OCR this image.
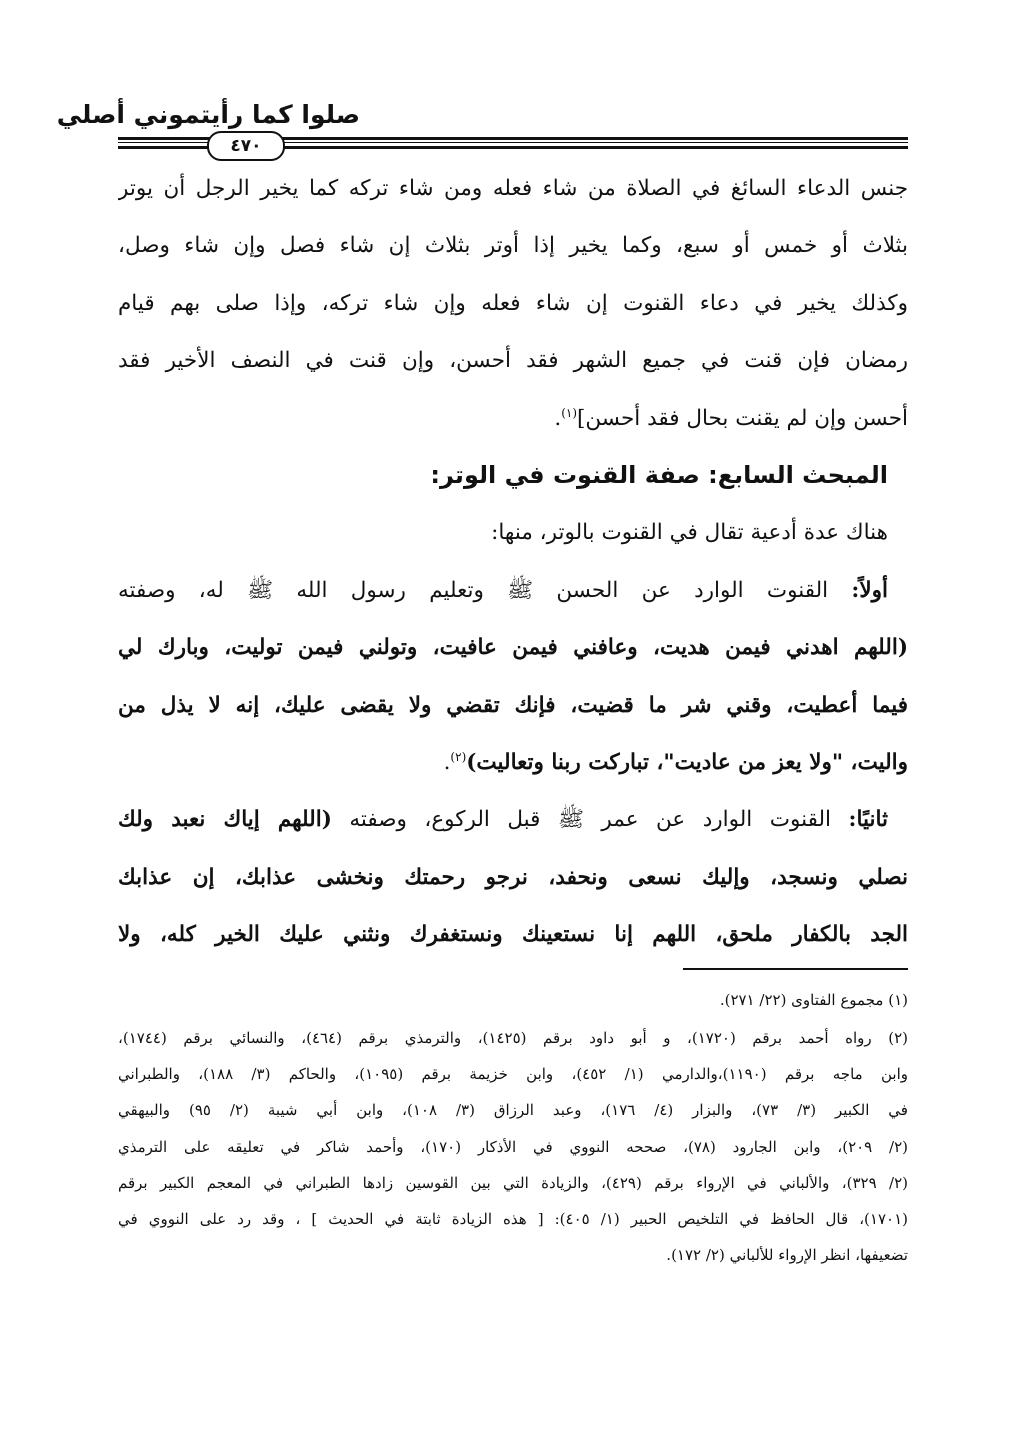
صلوا كما رأيتموني أصلي
٤٧٠
جنس الدعاء السائغ في الصلاة من شاء فعله ومن شاء تركه كما يخير الرجل أن يوتر
بثلاث أو خمس أو سبع، وكما يخير إذا أوتر بثلاث إن شاء فصل وإن شاء وصل،
وكذلك يخير في دعاء القنوت إن شاء فعله وإن شاء تركه، وإذا صلى بهم قيام
رمضان فإن قنت في جميع الشهر فقد أحسن، وإن قنت في النصف الأخير فقد
أحسن وإن لم يقنت بحال فقد أحسن]$^{(١)}$.
المبحث السابع: صفة القنوت في الوتر:
هناك عدة أدعية تقال في القنوت بالوتر، منها:
أولاً: القنوت الوارد عن الحسن ﷺ وتعليم رسول الله ﷺ له، وصفته
(اللهم اهدني فيمن هديت، وعافني فيمن عافيت، وتولني فيمن توليت، وبارك لي
فيما أعطيت، وقني شر ما قضيت، فإنك تقضي ولا يقضى عليك، إنه لا يذل من
واليت، "ولا يعز من عاديت"، تباركت ربنا وتعاليت)$^{(٢)}$.
ثانيًا: القنوت الوارد عن عمر ﷺ قبل الركوع، وصفته (اللهم إياك نعبد ولك
نصلي ونسجد، وإليك نسعى ونحفد، نرجو رحمتك ونخشى عذابك، إن عذابك
الجد بالكفار ملحق، اللهم إنا نستعينك ونستغفرك ونثني عليك الخير كله، ولا
(١) مجموع الفتاوى (٢٢/ ٢٧١).
(٢) رواه أحمد برقم (١٧٢٠)، و أبو داود برقم (١٤٢٥)، والترمذي برقم (٤٦٤)، والنسائي برقم (١٧٤٤)،
وابن ماجه برقم (١١٩٠)،والدارمي (١/ ٤٥٢)، وابن خزيمة برقم (١٠٩٥)، والحاكم (٣/ ١٨٨)، والطبراني
في الكبير (٣/ ٧٣)، والبزار (٤/ ١٧٦)، وعبد الرزاق (٣/ ١٠٨)، وابن أبي شيبة (٢/ ٩٥) والبيهقي
(٢/ ٢٠٩)، وابن الجارود (٧٨)، صححه النووي في الأذكار (١٧٠)، وأحمد شاكر في تعليقه على الترمذي
(٢/ ٣٢٩)، والألباني في الإرواء برقم (٤٢٩)، والزيادة التي بين القوسين زادها الطبراني في المعجم الكبير برقم
(١٧٠١)، قال الحافظ في التلخيص الحبير (١/ ٤٠٥): [ هذه الزيادة ثابتة في الحديث ] ، وقد رد على النووي في
تضعيفها، انظر الإرواء للألباني (٢/ ١٧٢).
